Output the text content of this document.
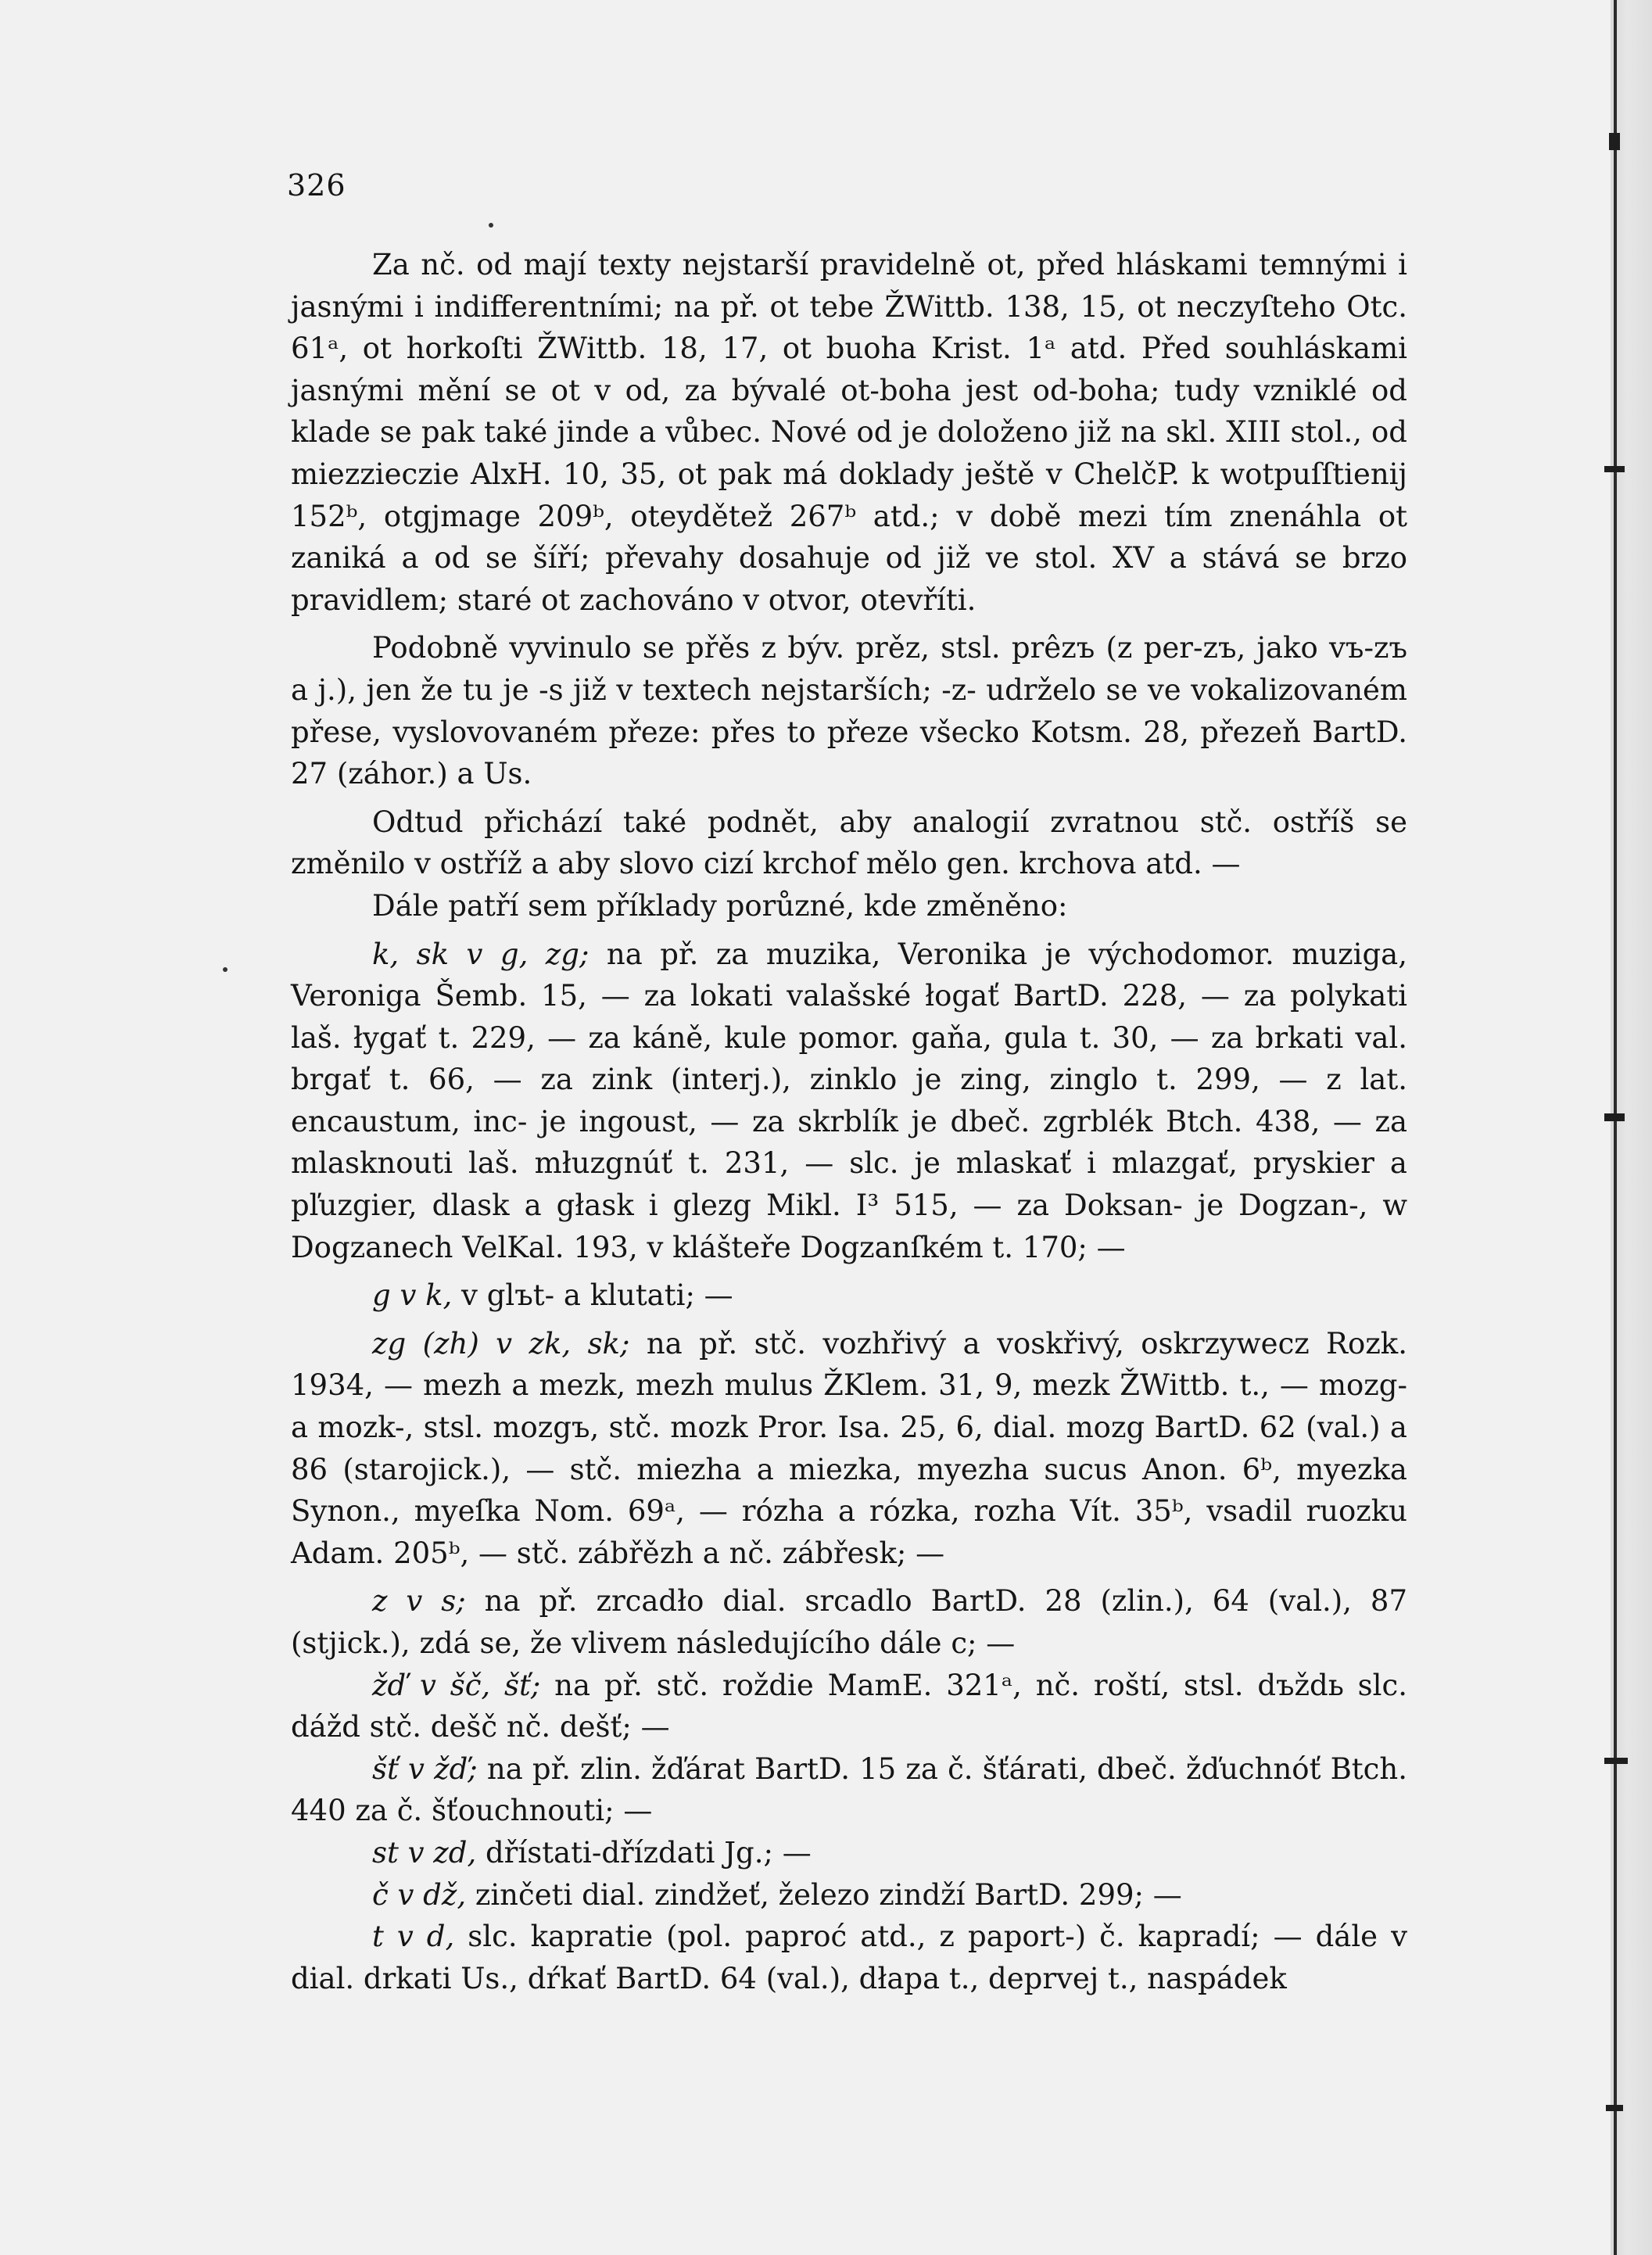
326

Za nč. od mají texty nejstarší pravidelně ot, před hláskami temnými i jasnými i indifferentními; na př. ot tebe ŽWittb. 138, 15, ot neczyſteho Otc. 61ᵃ, ot horkoſti ŽWittb. 18, 17, ot buoha Krist. 1ᵃ atd. Před souhláskami jasnými mění se ot v od, za bývalé ot-boha jest od-boha; tudy vzniklé od klade se pak také jinde a vůbec. Nové od je doloženo již na skl. XIII stol., od miezzieczie AlxH. 10, 35, ot pak má doklady ještě v ChelčP. k wotpuſſtienij 152ᵇ, otgjmage 209ᵇ, oteydětež 267ᵇ atd.; v době mezi tím znenáhla ot zaniká a od se šíří; převahy dosahuje od již ve stol. XV a stává se brzo pravidlem; staré ot zachováno v otvor, otevříti.

Podobně vyvinulo se přěs z býv. prěz, stsl. prêzъ (z per-zъ, jako vъ-zъ a j.), jen že tu je -s již v textech nejstarších; -z- udrželo se ve vokalizovaném přese, vyslovovaném přeze: přes to přeze všecko Kotsm. 28, přezeň BartD. 27 (záhor.) a Us.

Odtud přichází také podnět, aby analogií zvratnou stč. ostříš se změnilo v ostříž a aby slovo cizí krchof mělo gen. krchova atd. —

Dále patří sem příklady porůzné, kde změněno:

k, sk v g, zg; na př. za muzika, Veronika je východomor. muziga, Veroniga Šemb. 15, — za lokati valašské łogať BartD. 228, — za polykati laš. łygať t. 229, — za káně, kule pomor. gaňa, gula t. 30, — za brkati val. brgať t. 66, — za zink (interj.), zinklo je zing, zinglo t. 299, — z lat. encaustum, inc- je ingoust, — za skrblík je dbeč. zgrblék Btch. 438, — za mlasknouti laš. młuzgnúť t. 231, — slc. je mlaskať i mlazgať, pryskier a pľuzgier, dlask a głask i glezg Mikl. I³ 515, — za Doksan- je Dogzan-, w Dogzanech VelKal. 193, v klášteře Dogzanſkém t. 170; —

g v k, v glъt- a klutati; —

zg (zh) v zk, sk; na př. stč. vozhřivý a voskřivý, oskrzywecz Rozk. 1934, — mezh a mezk, mezh mulus ŽKlem. 31, 9, mezk ŽWittb. t., — mozg- a mozk-, stsl. mozgъ, stč. mozk Pror. Isa. 25, 6, dial. mozg BartD. 62 (val.) a 86 (starojick.), — stč. miezha a miezka, myezha sucus Anon. 6ᵇ, myezka Synon., myeſka Nom. 69ᵃ, — rózha a rózka, rozha Vít. 35ᵇ, vsadil ruozku Adam. 205ᵇ, — stč. zábřězh a nč. zábřesk; —

z v s; na př. zrcadło dial. srcadlo BartD. 28 (zlin.), 64 (val.), 87 (stjick.), zdá se, že vlivem následujícího dále c; —

žď v šč, šť; na př. stč. roždie MamE. 321ᵃ, nč. roští, stsl. dъždь slc. dážd stč. dešč nč. dešť; —

šť v žď; na př. zlin. žďárat BartD. 15 za č. šťárati, dbeč. žďuchnóť Btch. 440 za č. šťouchnouti; —

st v zd, dřístati-dřízdati Jg.; —

č v dž, zinčeti dial. zindžeť, železo zindží BartD. 299; —

t v d, slc. kapratie (pol. paproć atd., z paport-) č. kapradí; — dále v dial. drkati Us., dŕkať BartD. 64 (val.), dłapa t., deprvej t., naspádek
